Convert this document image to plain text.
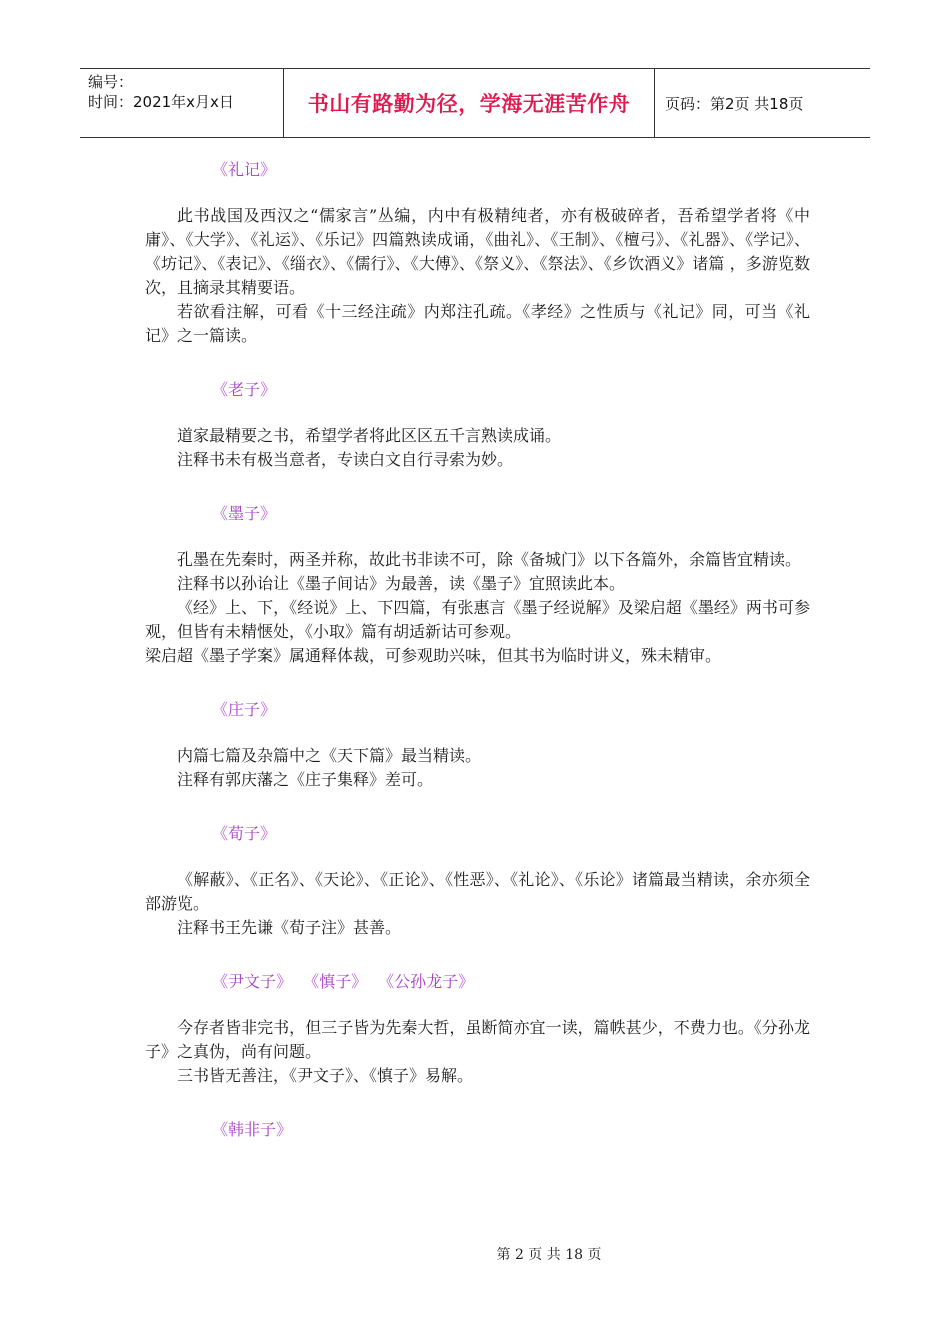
编号：
时间：2021年x月x日	书山有路勤为径，学海无涯苦作舟	页码：第2页 共18页
《礼记》

此书战国及西汉之“儒家言”丛编，内中有极精纯者，亦有极破碎者，吾希望学者将《中庸》、《大学》、《礼运》、《乐记》四篇熟读成诵，《曲礼》、《王制》、《檀弓》、《礼器》、《学记》、《坊记》、《表记》、《缁衣》、《儒行》、《大傅》、《祭义》、《祭法》、《乡饮酒义》诸篇 ，多游览数次，且摘录其精要语。

若欲看注解，可看《十三经注疏》内郑注孔疏。《孝经》之性质与《礼记》同，可当《礼记》之一篇读。

《老子》

道家最精要之书，希望学者将此区区五千言熟读成诵。

注释书未有极当意者，专读白文自行寻索为妙。

《墨子》

孔墨在先秦时，两圣并称，故此书非读不可，除《备城门》以下各篇外，余篇皆宜精读。

注释书以孙诒让《墨子间诂》为最善，读《墨子》宜照读此本。

《经》上、下，《经说》上、下四篇，有张惠言《墨子经说解》及梁启超《墨经》两书可参观，但皆有未精惬处，《小取》篇有胡适新诂可参观。

梁启超《墨子学案》属通释体裁，可参观助兴味，但其书为临时讲义，殊未精审。

《庄子》

内篇七篇及杂篇中之《天下篇》最当精读。

注释有郭庆藩之《庄子集释》差可。

《荀子》

《解蔽》、《正名》、《天论》、《正论》、《性恶》、《礼论》、《乐论》诸篇最当精读，余亦须全部游览。

注释书王先谦《荀子注》甚善。

《尹文子》 《慎子》 《公孙龙子》

今存者皆非完书，但三子皆为先秦大哲，虽断简亦宜一读，篇帙甚少，不费力也。《分孙龙子》之真伪，尚有问题。

三书皆无善注，《尹文子》、《慎子》易解。

《韩非子》
第 2 页 共 18 页
